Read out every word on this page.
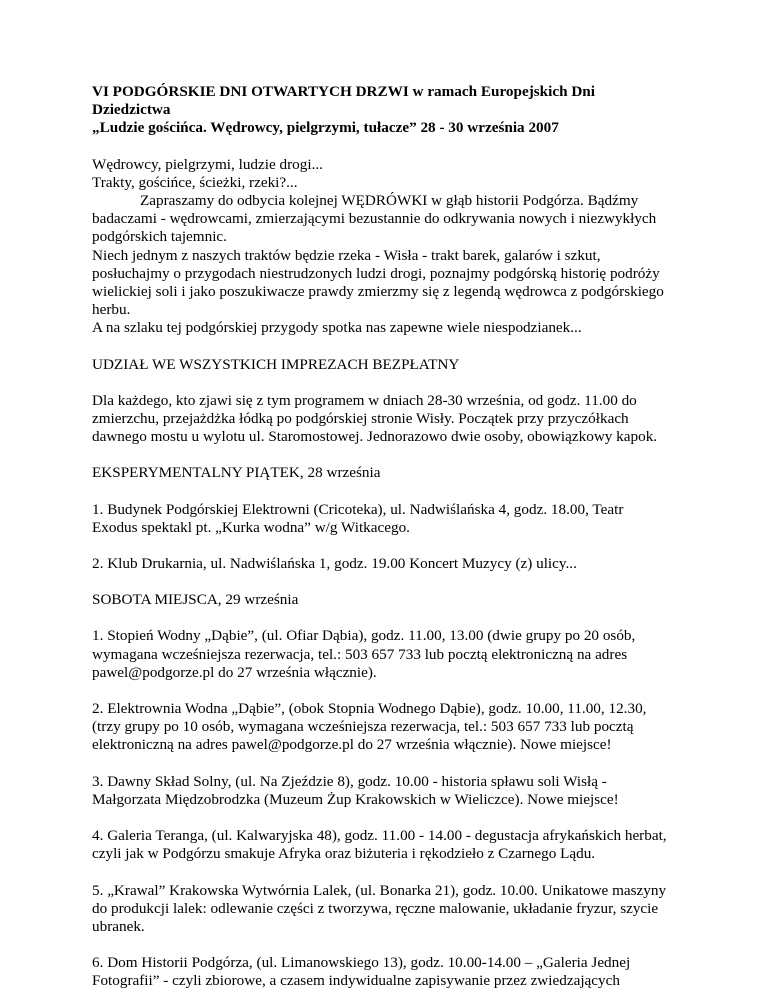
VI PODGÓRSKIE DNI OTWARTYCH DRZWI w ramach Europejskich Dni Dziedzictwa

„Ludzie gościńca. Wędrowcy, pielgrzymi, tułacze” 28 - 30 września 2007

Wędrowcy, pielgrzymi, ludzie drogi...

Trakty, gościńce, ścieżki, rzeki?...

Zapraszamy do odbycia kolejnej WĘDRÓWKI w głąb historii Podgórza. Bądźmy badaczami - wędrowcami, zmierzającymi bezustannie do odkrywania nowych i niezwykłych podgórskich tajemnic.

Niech jednym z naszych traktów będzie rzeka - Wisła - trakt barek, galarów i szkut, posłuchajmy o przygodach niestrudzonych ludzi drogi, poznajmy podgórską historię podróży wielickiej soli i jako poszukiwacze prawdy zmierzmy się z legendą wędrowca z podgórskiego herbu.

A na szlaku tej podgórskiej przygody spotka nas zapewne wiele niespodzianek...

UDZIAŁ WE WSZYSTKICH IMPREZACH BEZPŁATNY

Dla każdego, kto zjawi się z tym programem w dniach 28-30 września, od godz. 11.00 do zmierzchu, przejażdżka łódką po podgórskiej stronie Wisły. Początek przy przyczółkach dawnego mostu u wylotu ul. Staromostowej. Jednorazowo dwie osoby, obowiązkowy kapok.

EKSPERYMENTALNY PIĄTEK, 28 września

1. Budynek Podgórskiej Elektrowni (Cricoteka), ul. Nadwiślańska 4, godz. 18.00, Teatr Exodus spektakl pt. „Kurka wodna” w/g Witkacego.

2. Klub Drukarnia, ul. Nadwiślańska 1, godz. 19.00 Koncert Muzycy (z) ulicy...

SOBOTA MIEJSCA, 29 września

1. Stopień Wodny „Dąbie”, (ul. Ofiar Dąbia), godz. 11.00, 13.00 (dwie grupy po 20 osób, wymagana wcześniejsza rezerwacja, tel.: 503 657 733 lub pocztą elektroniczną na adres pawel@podgorze.pl do 27 września włącznie).

2. Elektrownia Wodna „Dąbie”, (obok Stopnia Wodnego Dąbie), godz. 10.00, 11.00, 12.30, (trzy grupy po 10 osób, wymagana wcześniejsza rezerwacja, tel.: 503 657 733 lub pocztą elektroniczną na adres pawel@podgorze.pl do 27 września włącznie). Nowe miejsce!

3. Dawny Skład Solny, (ul. Na Zjeździe 8), godz. 10.00 - historia spławu soli Wisłą - Małgorzata Międzobrodzka (Muzeum Żup Krakowskich w Wieliczce). Nowe miejsce!

4. Galeria Teranga, (ul. Kalwaryjska 48), godz. 11.00 - 14.00 - degustacja afrykańskich herbat, czyli jak w Podgórzu smakuje Afryka oraz biżuteria i rękodzieło z Czarnego Lądu.

5. „Krawal” Krakowska Wytwórnia Lalek, (ul. Bonarka 21), godz. 10.00. Unikatowe maszyny do produkcji lalek: odlewanie części z tworzywa, ręczne malowanie, układanie fryzur, szycie ubranek.

6. Dom Historii Podgórza, (ul. Limanowskiego 13), godz. 10.00-14.00 – „Galeria Jednej Fotografii” - czyli zbiorowe, a czasem indywidualne zapisywanie przez zwiedzających
